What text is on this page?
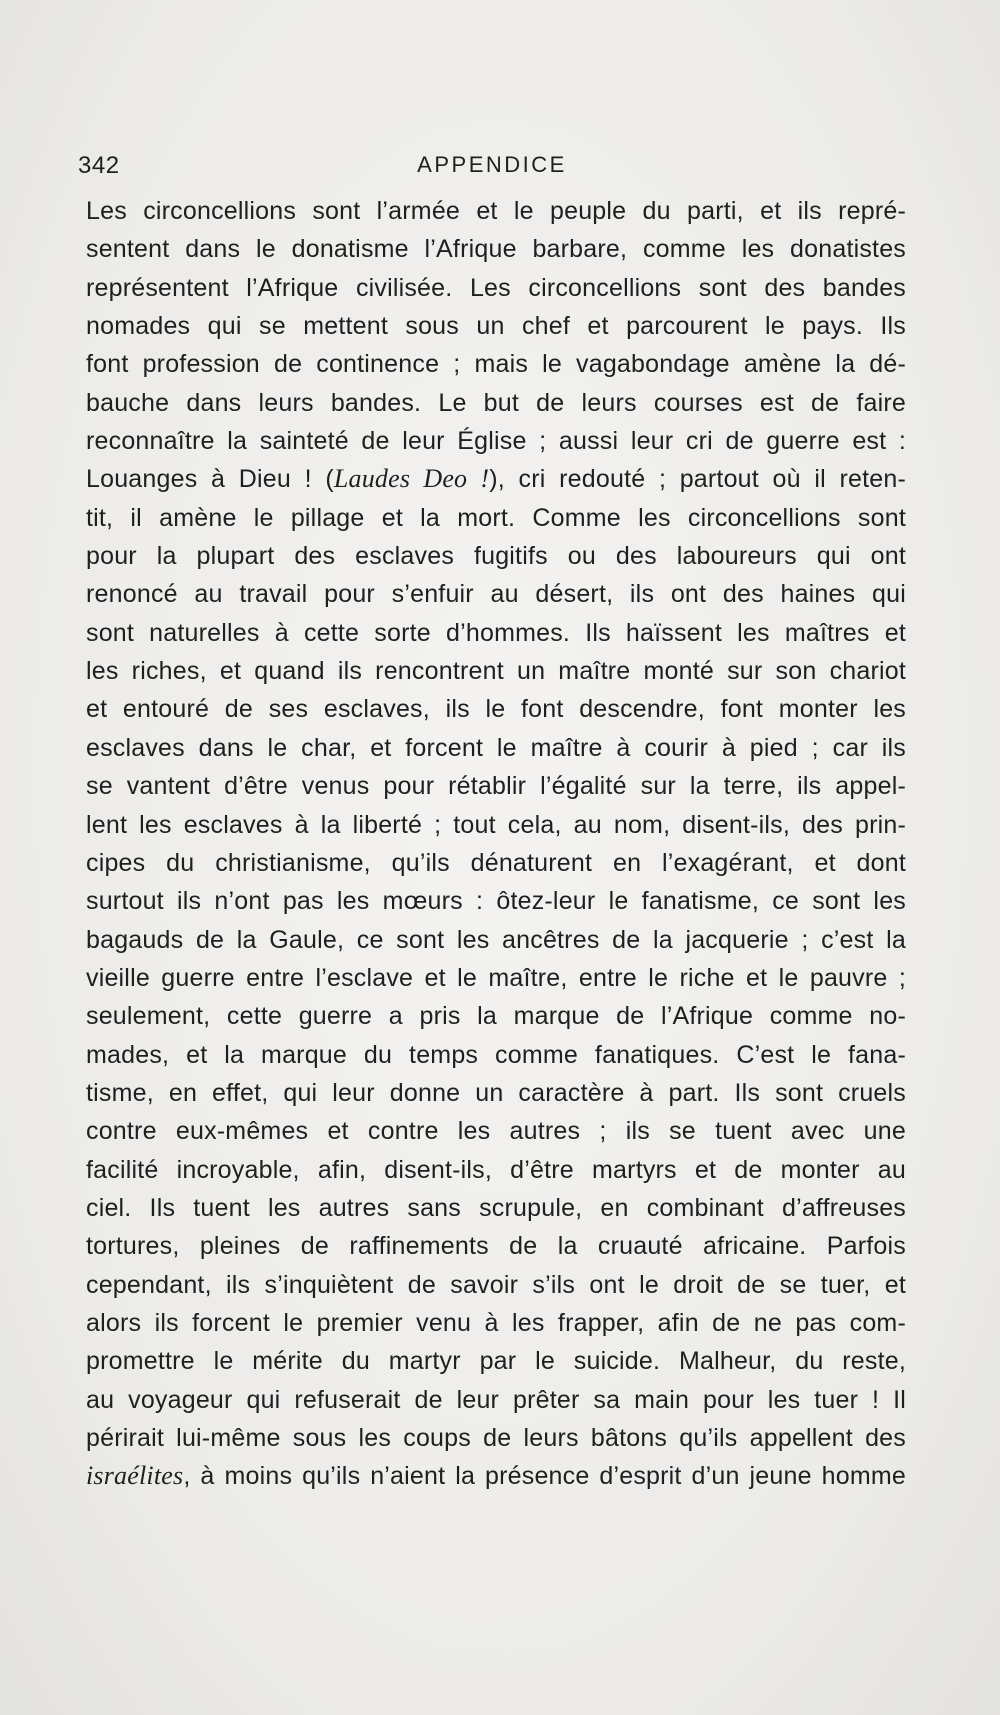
342	APPENDICE
Les circoncellions sont l’armée et le peuple du parti, et ils repré-
sentent dans le donatisme l’Afrique barbare, comme les donatistes
représentent l’Afrique civilisée. Les circoncellions sont des bandes
nomades qui se mettent sous un chef et parcourent le pays. Ils
font profession de continence ; mais le vagabondage amène la dé-
bauche dans leurs bandes. Le but de leurs courses est de faire
reconnaître la sainteté de leur Église ; aussi leur cri de guerre est :
Louanges à Dieu ! (Laudes Deo !), cri redouté ; partout où il reten-
tit, il amène le pillage et la mort. Comme les circoncellions sont
pour la plupart des esclaves fugitifs ou des laboureurs qui ont
renoncé au travail pour s’enfuir au désert, ils ont des haines qui
sont naturelles à cette sorte d’hommes. Ils haïssent les maîtres et
les riches, et quand ils rencontrent un maître monté sur son chariot
et entouré de ses esclaves, ils le font descendre, font monter les
esclaves dans le char, et forcent le maître à courir à pied ; car ils
se vantent d’être venus pour rétablir l’égalité sur la terre, ils appel-
lent les esclaves à la liberté ; tout cela, au nom, disent-ils, des prin-
cipes du christianisme, qu’ils dénaturent en l’exagérant, et dont
surtout ils n’ont pas les mœurs : ôtez-leur le fanatisme, ce sont les
bagauds de la Gaule, ce sont les ancêtres de la jacquerie ; c’est la
vieille guerre entre l’esclave et le maître, entre le riche et le pauvre ;
seulement, cette guerre a pris la marque de l’Afrique comme no-
mades, et la marque du temps comme fanatiques. C’est le fana-
tisme, en effet, qui leur donne un caractère à part. Ils sont cruels
contre eux-mêmes et contre les autres ; ils se tuent avec une
facilité incroyable, afin, disent-ils, d’être martyrs et de monter au
ciel. Ils tuent les autres sans scrupule, en combinant d’affreuses
tortures, pleines de raffinements de la cruauté africaine. Parfois
cependant, ils s’inquiètent de savoir s’ils ont le droit de se tuer, et
alors ils forcent le premier venu à les frapper, afin de ne pas com-
promettre le mérite du martyr par le suicide. Malheur, du reste,
au voyageur qui refuserait de leur prêter sa main pour les tuer ! Il
périrait lui-même sous les coups de leurs bâtons qu’ils appellent des
israélites, à moins qu’ils n’aient la présence d’esprit d’un jeune homme
